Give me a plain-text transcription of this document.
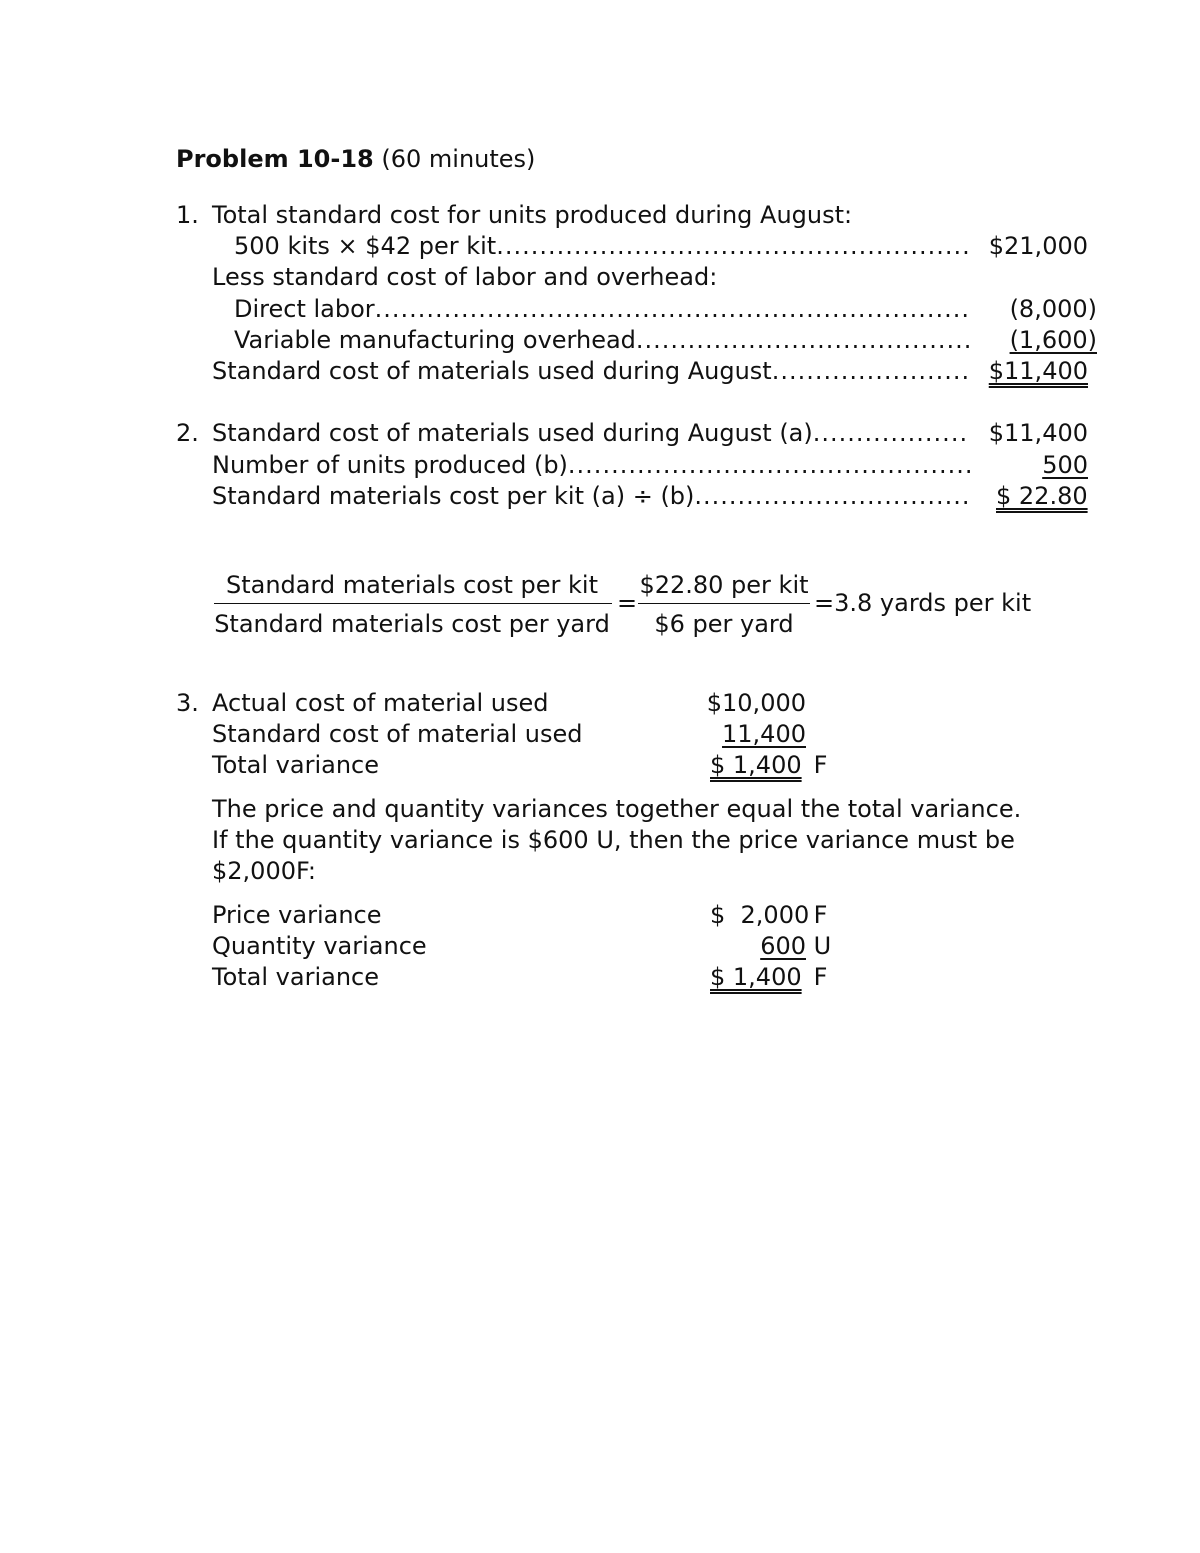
Problem 10-18 (60 minutes)
1. Total standard cost for units produced during August:
500 kits × $42 per kit .....	$21,000
Less standard cost of labor and overhead:
Direct labor .....	(8,000)
Variable manufacturing overhead .....	(1,600)
Standard cost of materials used during August .....	$11,400
2. Standard cost of materials used during August (a) .....	$11,400
Number of units produced (b) .....	500
Standard materials cost per kit (a) ÷ (b) .....	$ 22.80
Standard materials cost per kit
Standard materials cost per yard
=
$22.80 per kit
$6 per yard
=3.8 yards per kit
3. Actual cost of material used	$10,000
Standard cost of material used	11,400
Total variance	$ 1,400 F
The price and quantity variances together equal the total variance.
If the quantity variance is $600 U, then the price variance must be
$2,000F:
Price variance	$  2,000 F
Quantity variance	600 U
Total variance	$ 1,400 F
